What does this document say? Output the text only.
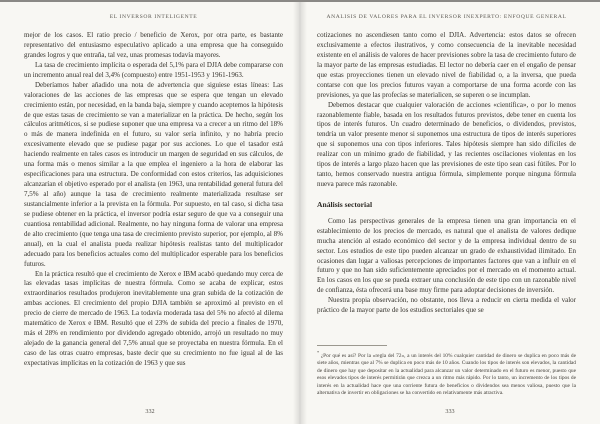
EL INVERSOR INTELIGENTE

mejor de los casos. El ratio precio / beneficio de Xerox, por otra parte, es bastante representativo del entusiasmo especulativo aplicado a una empresa que ha conseguido grandes logros y que entraña, tal vez, unas promesas todavía mayores.

La tasa de crecimiento implícita o esperada del 5,1% para el DJIA debe compararse con un incremento anual real del 3,4% (compuesto) entre 1951-1953 y 1961-1963.

Deberíamos haber añadido una nota de advertencia que siguiese estas líneas: Las valoraciones de las acciones de las empresas que se espera que tengan un elevado crecimiento están, por necesidad, en la banda baja, siempre y cuando aceptemos la hipótesis de que estas tasas de crecimiento se van a materializar en la práctica. De hecho, según los cálculos aritméticos, si se pudiese suponer que una empresa va a crecer a un ritmo del 18% o más de manera indefinida en el futuro, su valor sería infinito, y no habría precio excesivamente elevado que se pudiese pagar por sus acciones. Lo que el tasador está haciendo realmente en tales casos es introducir un margen de seguridad en sus cálculos, de una forma más o menos similar a la que emplea el ingeniero a la hora de elaborar las especificaciones para una estructura. De conformidad con estos criterios, las adquisiciones alcanzarían el objetivo esperado por el analista (en 1963, una rentabilidad general futura del 7,5% al año) aunque la tasa de crecimiento realmente materializada resultase ser sustancialmente inferior a la prevista en la fórmula. Por supuesto, en tal caso, si dicha tasa se pudiese obtener en la práctica, el inversor podría estar seguro de que va a conseguir una cuantiosa rentabilidad adicional. Realmente, no hay ninguna forma de valorar una empresa de alto crecimiento (que tenga una tasa de crecimiento previsto superior, por ejemplo, al 8% anual), en la cual el analista pueda realizar hipótesis realistas tanto del multiplicador adecuado para los beneficios actuales como del multiplicador esperable para los beneficios futuros.

En la práctica resultó que el crecimiento de Xerox e IBM acabó quedando muy cerca de las elevadas tasas implícitas de nuestra fórmula. Como se acaba de explicar, estos extraordinarios resultados produjeron inevitablemente una gran subida de la cotización de ambas acciones. El crecimiento del propio DJIA también se aproximó al previsto en el precio de cierre de mercado de 1963. La todavía moderada tasa del 5% no afectó al dilema matemático de Xerox e IBM. Resultó que el 23% de subida del precio a finales de 1970, más el 28% en rendimiento por dividendo agregado obtenido, arrojó un resultado no muy alejado de la ganancia general del 7,5% anual que se proyectaba en nuestra fórmula. En el caso de las otras cuatro empresas, baste decir que su crecimiento no fue igual al de las expectativas implícitas en la cotización de 1963 y que sus

332
ANÁLISIS DE VALORES PARA EL INVERSOR INEXPERTO: ENFOQUE GENERAL

cotizaciones no ascendiesen tanto como el DJIA. Advertencia: estos datos se ofrecen exclusivamente a efectos ilustrativos, y como consecuencia de la inevitable necesidad existente en el análisis de valores de hacer previsiones sobre la tasa de crecimiento futuro de la mayor parte de las empresas estudiadas. El lector no debería caer en el engaño de pensar que estas proyecciones tienen un elevado nivel de fiabilidad o, a la inversa, que pueda contarse con que los precios futuros vayan a comportarse de una forma acorde con las previsiones, ya que las profecías se materialicen, se superen o se incumplan.

Debemos destacar que cualquier valoración de acciones «científica», o por lo menos razonablemente fiable, basada en los resultados futuros previstos, debe tener en cuenta los tipos de interés futuros. Un cuadro determinado de beneficios, o dividendos, previstos, tendría un valor presente menor si suponemos una estructura de tipos de interés superiores que si suponemos una con tipos inferiores. Tales hipótesis siempre han sido difíciles de realizar con un mínimo grado de fiabilidad, y las recientes oscilaciones violentas en los tipos de interés a largo plazo hacen que las previsiones de este tipo sean casi fútiles. Por lo tanto, hemos conservado nuestra antigua fórmula, simplemente porque ninguna fórmula nueva parece más razonable.

Análisis sectorial

Como las perspectivas generales de la empresa tienen una gran importancia en el establecimiento de los precios de mercado, es natural que el analista de valores dedique mucha atención al estado económico del sector y de la empresa individual dentro de su sector. Los estudios de este tipo pueden alcanzar un grado de exhaustividad ilimitado. En ocasiones dan lugar a valiosas percepciones de importantes factores que van a influir en el futuro y que no han sido suficientemente apreciados por el mercado en el momento actual. En los casos en los que se pueda extraer una conclusión de este tipo con un razonable nivel de confianza, ésta ofrecerá una base muy firme para adoptar decisiones de inversión.

Nuestra propia observación, no obstante, nos lleva a reducir en cierta medida el valor práctico de la mayor parte de los estudios sectoriales que se

* ¿Por qué es así? Por la «regla del 72», a un interés del 10% cualquier cantidad de dinero se duplica en poco más de siete años, mientras que al 7% se duplica en poco más de 10 años. Cuando los tipos de interés son elevados, la cantidad de dinero que hay que depositar en la actualidad para alcanzar un valor determinado en el futuro es menor, puesto que esos elevados tipos de interés permitirán que crezca a un ritmo más rápido. Por lo tanto, un incremento de los tipos de interés en la actualidad hace que una corriente futura de beneficios o dividendos sea menos valiosa, puesto que la alternativa de invertir en obligaciones se ha convertido en relativamente más atractiva.

333
